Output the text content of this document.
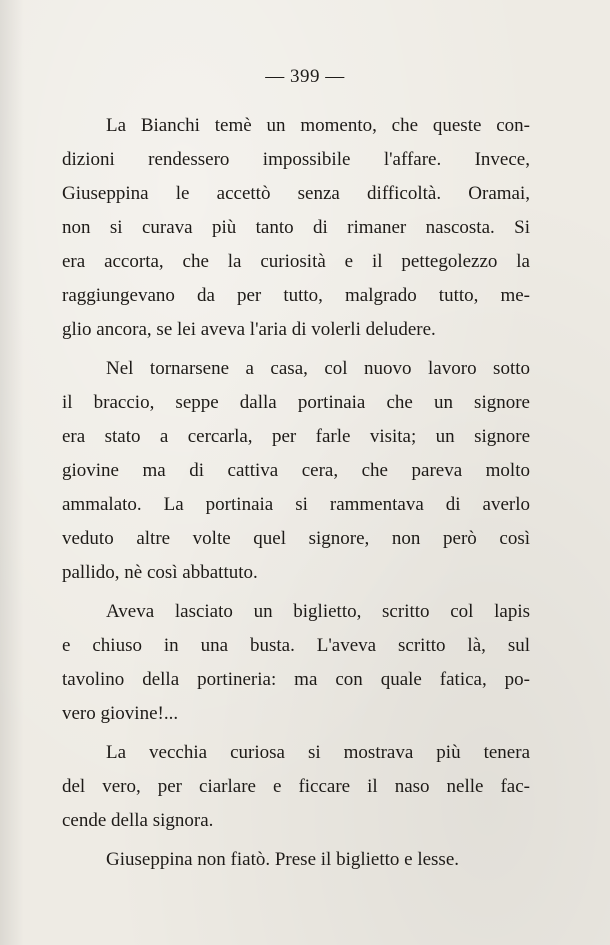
— 399 —
La Bianchi temè un momento, che queste con-
dizioni rendessero impossibile l'affare. Invece,
Giuseppina le accettò senza difficoltà. Oramai,
non si curava più tanto di rimaner nascosta. Si
era accorta, che la curiosità e il pettegolezzo la
raggiungevano da per tutto, malgrado tutto, me-
glio ancora, se lei aveva l'aria di volerli deludere.
Nel tornarsene a casa, col nuovo lavoro sotto
il braccio, seppe dalla portinaia che un signore
era stato a cercarla, per farle visita; un signore
giovine ma di cattiva cera, che pareva molto
ammalato. La portinaia si rammentava di averlo
veduto altre volte quel signore, non però così
pallido, nè così abbattuto.
Aveva lasciato un biglietto, scritto col lapis
e chiuso in una busta. L'aveva scritto là, sul
tavolino della portineria: ma con quale fatica, po-
vero giovine!...
La vecchia curiosa si mostrava più tenera
del vero, per ciarlare e ficcare il naso nelle fac-
cende della signora.
Giuseppina non fiatò. Prese il biglietto e lesse.
